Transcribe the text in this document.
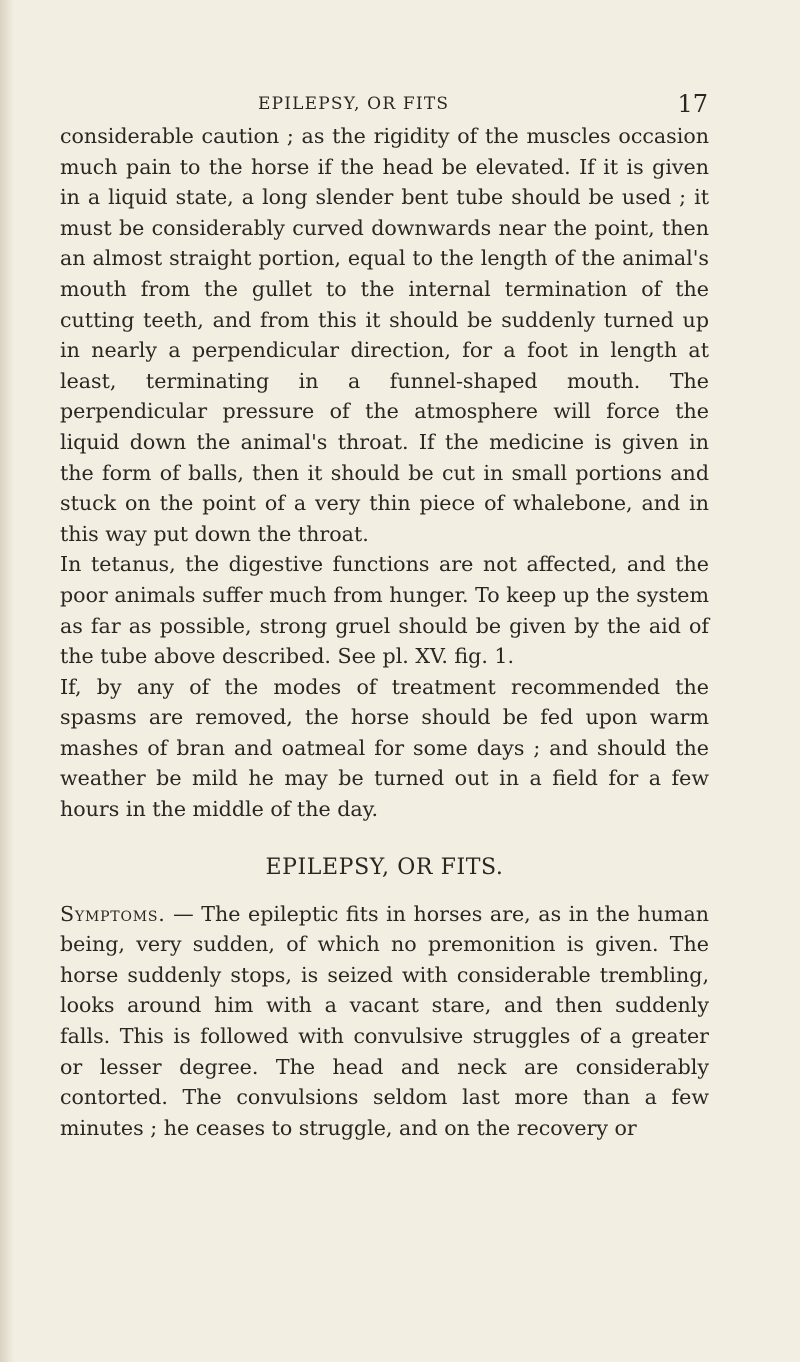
EPILEPSY, OR FITS	17

considerable caution ; as the rigidity of the muscles occasion much pain to the horse if the head be elevated. If it is given in a liquid state, a long slender bent tube should be used ; it must be considerably curved downwards near the point, then an almost straight portion, equal to the length of the animal's mouth from the gullet to the internal termination of the cutting teeth, and from this it should be suddenly turned up in nearly a perpendicular direction, for a foot in length at least, terminating in a funnel-shaped mouth. The perpendicular pressure of the atmosphere will force the liquid down the animal's throat. If the medicine is given in the form of balls, then it should be cut in small portions and stuck on the point of a very thin piece of whalebone, and in this way put down the throat.

In tetanus, the digestive functions are not affected, and the poor animals suffer much from hunger. To keep up the system as far as possible, strong gruel should be given by the aid of the tube above described. See pl. XV. fig. 1.

If, by any of the modes of treatment recommended the spasms are removed, the horse should be fed upon warm mashes of bran and oatmeal for some days ; and should the weather be mild he may be turned out in a field for a few hours in the middle of the day.

EPILEPSY, OR FITS.

Symptoms. — The epileptic fits in horses are, as in the human being, very sudden, of which no premonition is given. The horse suddenly stops, is seized with considerable trembling, looks around him with a vacant stare, and then suddenly falls. This is followed with convulsive struggles of a greater or lesser degree. The head and neck are considerably contorted. The convulsions seldom last more than a few minutes ; he ceases to struggle, and on the recovery or
